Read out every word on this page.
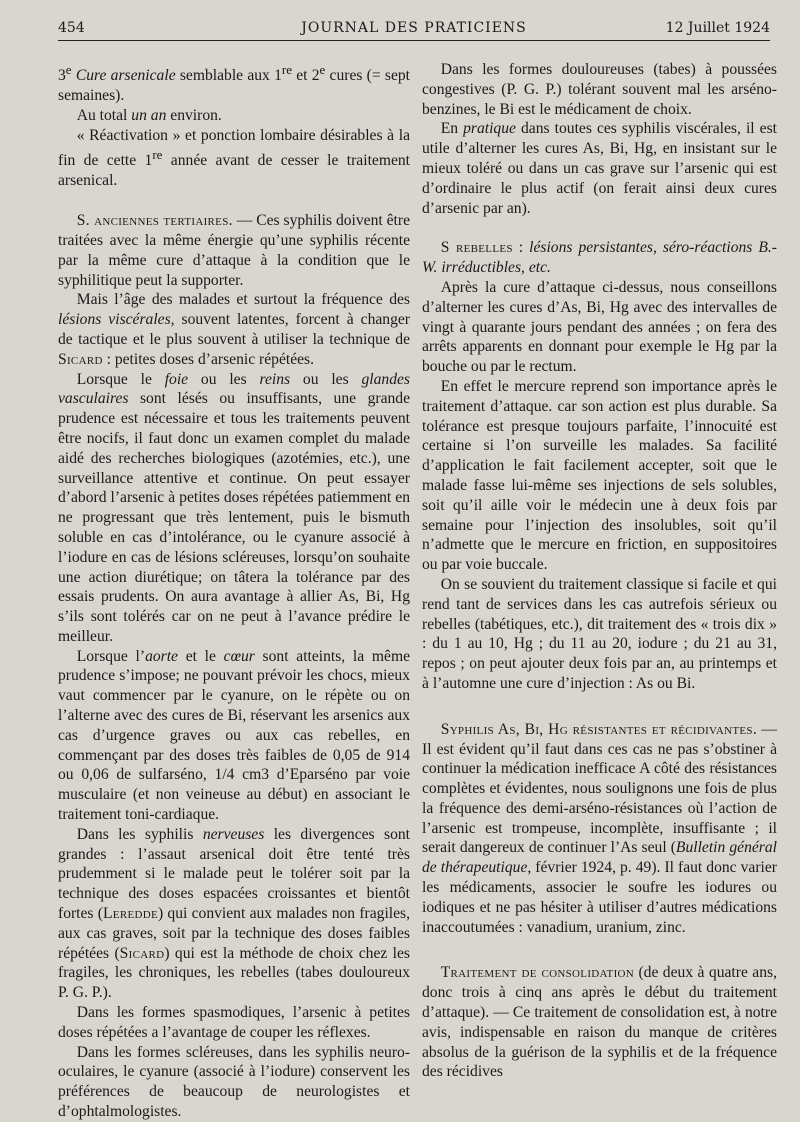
454	JOURNAL DES PRATICIENS	12 Juillet 1924

3e Cure arsenicale semblable aux 1re et 2e cures (= sept semaines).

Au total un an environ.

« Réactivation » et ponction lombaire désirables à la fin de cette 1re année avant de cesser le traitement arsenical.

S. anciennes tertiaires. — Ces syphilis doivent être traitées avec la même énergie qu’une syphilis récente par la même cure d’attaque à la condition que le syphilitique peut la supporter.

Mais l’âge des malades et surtout la fréquence des lésions viscérales, souvent latentes, forcent à changer de tactique et le plus souvent à utiliser la technique de Sicard : petites doses d’arsenic répétées.

Lorsque le foie ou les reins ou les glandes vasculaires sont lésés ou insuffisants, une grande prudence est nécessaire et tous les traitements peuvent être nocifs, il faut donc un examen complet du malade aidé des recherches biologiques (azotémies, etc.), une surveillance attentive et continue. On peut essayer d’abord l’arsenic à petites doses répétées patiemment en ne progressant que très lentement, puis le bismuth soluble en cas d’intolérance, ou le cyanure associé à l’iodure en cas de lésions scléreuses, lorsqu’on souhaite une action diurétique; on tâtera la tolérance par des essais prudents. On aura avantage à allier As, Bi, Hg s’ils sont tolérés car on ne peut à l’avance prédire le meilleur.

Lorsque l’aorte et le cœur sont atteints, la même prudence s’impose; ne pouvant prévoir les chocs, mieux vaut commencer par le cyanure, on le répète ou on l’alterne avec des cures de Bi, réservant les arsenics aux cas d’urgence graves ou aux cas rebelles, en commençant par des doses très faibles de 0,05 de 914 ou 0,06 de sulfarséno, 1/4 cm3 d’Eparséno par voie musculaire (et non veineuse au début) en associant le traitement toni-cardiaque.

Dans les syphilis nerveuses les divergences sont grandes : l’assaut arsenical doit être tenté très prudemment si le malade peut le tolérer soit par la technique des doses espacées croissantes et bientôt fortes (Leredde) qui convient aux malades non fragiles, aux cas graves, soit par la technique des doses faibles répétées (Sicard) qui est la méthode de choix chez les fragiles, les chroniques, les rebelles (tabes douloureux P. G. P.).

Dans les formes spasmodiques, l’arsenic à petites doses répétées a l’avantage de couper les réflexes.

Dans les formes scléreuses, dans les syphilis neuro-oculaires, le cyanure (associé à l’iodure) conservent les préférences de beaucoup de neurologistes et d’ophtalmologistes.

Dans les formes douloureuses (tabes) à poussées congestives (P. G. P.) tolérant souvent mal les arséno-benzines, le Bi est le médicament de choix.

En pratique dans toutes ces syphilis viscérales, il est utile d’alterner les cures As, Bi, Hg, en insistant sur le mieux toléré ou dans un cas grave sur l’arsenic qui est d’ordinaire le plus actif (on ferait ainsi deux cures d’arsenic par an).

S rebelles : lésions persistantes, séro-réactions B.-W. irréductibles, etc.

Après la cure d’attaque ci-dessus, nous conseillons d’alterner les cures d’As, Bi, Hg avec des intervalles de vingt à quarante jours pendant des années ; on fera des arrêts apparents en donnant pour exemple le Hg par la bouche ou par le rectum.

En effet le mercure reprend son importance après le traitement d’attaque. car son action est plus durable. Sa tolérance est presque toujours parfaite, l’innocuité est certaine si l’on surveille les malades. Sa facilité d’application le fait facilement accepter, soit que le malade fasse lui-même ses injections de sels solubles, soit qu’il aille voir le médecin une à deux fois par semaine pour l’injection des insolubles, soit qu’il n’admette que le mercure en friction, en suppositoires ou par voie buccale.

On se souvient du traitement classique si facile et qui rend tant de services dans les cas autrefois sérieux ou rebelles (tabétiques, etc.), dit traitement des « trois dix » : du 1 au 10, Hg ; du 11 au 20, iodure ; du 21 au 31, repos ; on peut ajouter deux fois par an, au printemps et à l’automne une cure d’injection : As ou Bi.

Syphilis As, Bi, Hg résistantes et récidivantes. — Il est évident qu’il faut dans ces cas ne pas s’obstiner à continuer la médication inefficace A côté des résistances complètes et évidentes, nous soulignons une fois de plus la fréquence des demi-arséno-résistances où l’action de l’arsenic est trompeuse, incomplète, insuffisante ; il serait dangereux de continuer l’As seul (Bulletin général de thérapeutique, février 1924, p. 49). Il faut donc varier les médicaments, associer le soufre les iodures ou iodiques et ne pas hésiter à utiliser d’autres médications inaccoutumées : vanadium, uranium, zinc.

Traitement de consolidation (de deux à quatre ans, donc trois à cinq ans après le début du traitement d’attaque). — Ce traitement de consolidation est, à notre avis, indispensable en raison du manque de critères absolus de la guérison de la syphilis et de la fréquence des récidives
